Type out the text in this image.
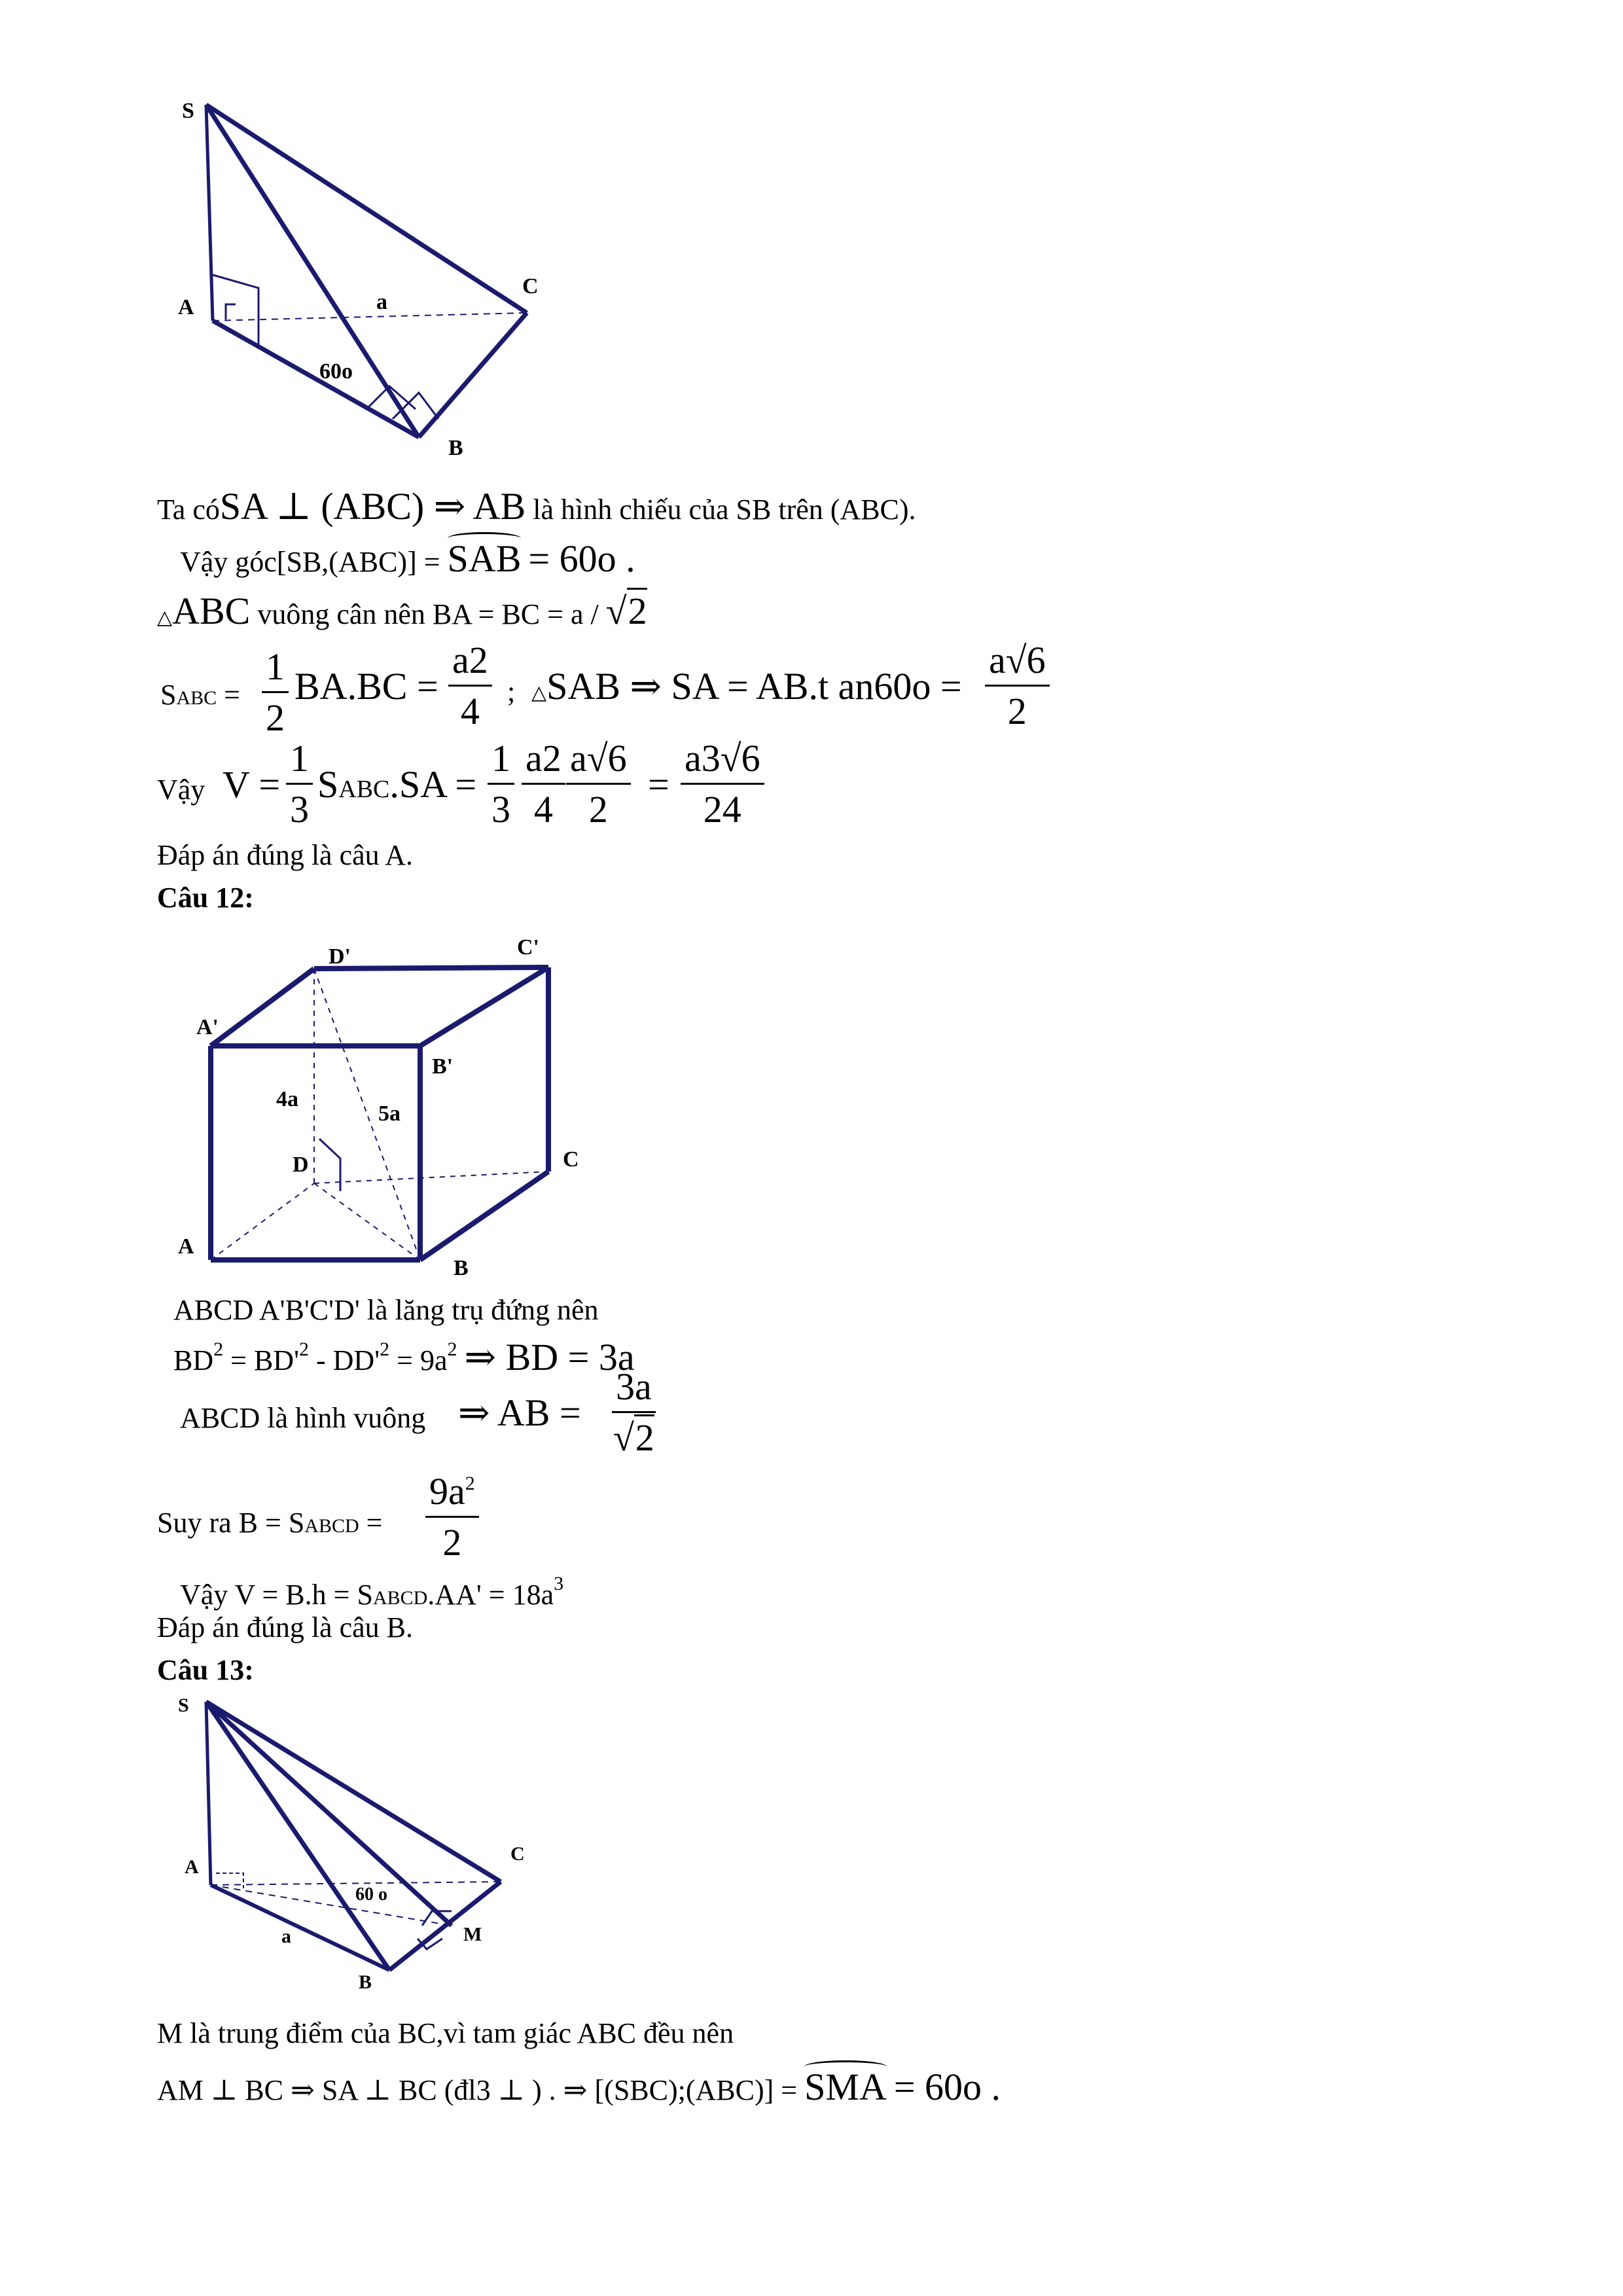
S
A
B
C
a
60o
D'	C'
A'
B'
4a
5a
D	C
A
B
S
A
C
M
B
a
60 o
Ta cóSA ⊥ (ABC) ⇒ AB là hình chiếu của SB trên (ABC).
Vậy góc[SB,(ABC)] = SAB = 60o .
△ABC vuông cân nên BA = BC = a / √2
SABC = $\frac{1}{2} BA.BC = \frac{a2}{4}$ ; △SAB ⇒ SA = AB.t $an60o = \frac{a√6}{2}$
Vậy $V = \frac{1}{3}$ SABC.SA = $\frac{1}{3} \frac{a2}{4} \frac{a√6}{2} = \frac{a3√6}{24}$
Đáp án đúng là câu A.
Câu 12:
ABCD A'B'C'D' là lăng trụ đứng nên
$BD^2 = BD'^2 - DD'^2 = 9a^2$ ⇒ BD = 3a
ABCD là hình vuông ⇒ AB = $\frac{3a}{√2}$
Suy ra B = SABCD = $\frac{9a^2}{2}$
Vậy V = B.h = SABCD.AA' = $18a^3$
Đáp án đúng là câu B.
Câu 13:
M là trung điểm của BC,vì tam giác ABC đều nên
AM ⊥ BC ⇒ SA ⊥ BC (đl3 ⊥ ) . ⇒ [(SBC);(ABC)] = SMA = 60o .
